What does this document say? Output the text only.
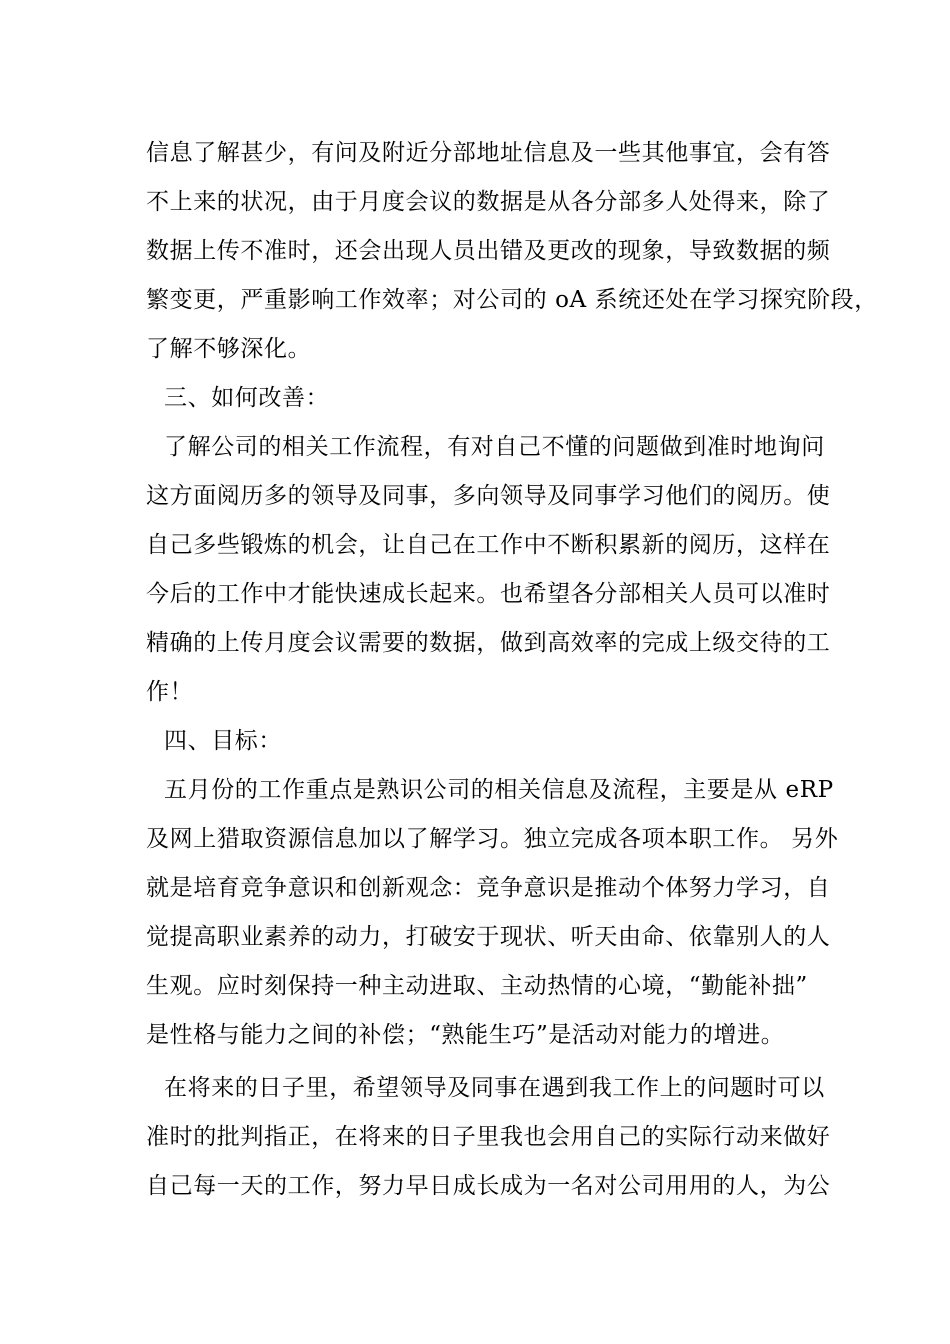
信息了解甚少，有问及附近分部地址信息及一些其他事宜，会有答
不上来的状况，由于月度会议的数据是从各分部多人处得来，除了
数据上传不准时，还会出现人员出错及更改的现象，导致数据的频
繁变更，严重影响工作效率；对公司的 oA 系统还处在学习探究阶段，
了解不够深化。
三、如何改善：
了解公司的相关工作流程，有对自己不懂的问题做到准时地询问
这方面阅历多的领导及同事，多向领导及同事学习他们的阅历。使
自己多些锻炼的机会，让自己在工作中不断积累新的阅历，这样在
今后的工作中才能快速成长起来。也希望各分部相关人员可以准时
精确的上传月度会议需要的数据，做到高效率的完成上级交待的工
作！
四、目标：
五月份的工作重点是熟识公司的相关信息及流程，主要是从 eRP
及网上猎取资源信息加以了解学习。独立完成各项本职工作。 另外
就是培育竞争意识和创新观念：竞争意识是推动个体努力学习，自
觉提高职业素养的动力，打破安于现状、听天由命、依靠别人的人
生观。应时刻保持一种主动进取、主动热情的心境，“勤能补拙”
是性格与能力之间的补偿；“熟能生巧”是活动对能力的增进。
在将来的日子里，希望领导及同事在遇到我工作上的问题时可以
准时的批判指正，在将来的日子里我也会用自己的实际行动来做好
自己每一天的工作，努力早日成长成为一名对公司用用的人，为公
